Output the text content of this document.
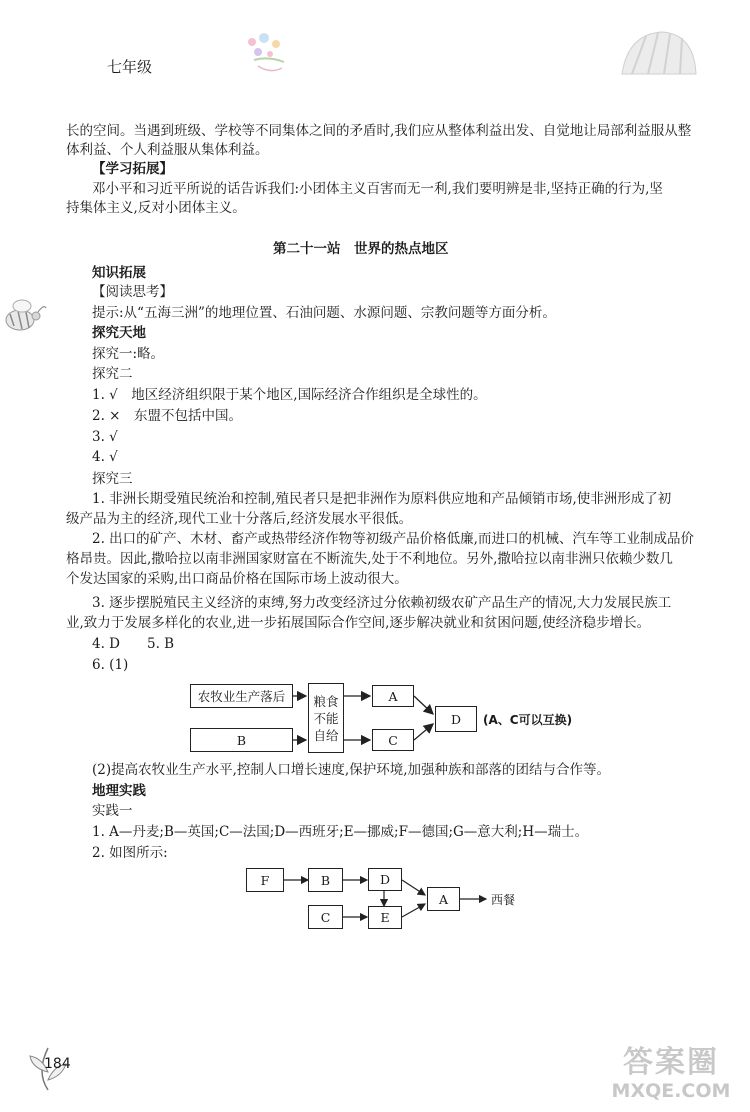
七年级
长的空间。当遇到班级、学校等不同集体之间的矛盾时,我们应从整体利益出发、自觉地让局部利益服从整
体利益、个人利益服从集体利益。
【学习拓展】
邓小平和习近平所说的话告诉我们:小团体主义百害而无一利,我们要明辨是非,坚持正确的行为,坚
持集体主义,反对小团体主义。
第二十一站　世界的热点地区
知识拓展
【阅读思考】
提示:从“五海三洲”的地理位置、石油问题、水源问题、宗教问题等方面分析。
探究天地
探究一:略。
探究二
1. √　地区经济组织限于某个地区,国际经济合作组织是全球性的。
2. ×　东盟不包括中国。
3. √
4. √
探究三
1. 非洲长期受殖民统治和控制,殖民者只是把非洲作为原料供应地和产品倾销市场,使非洲形成了初
级产品为主的经济,现代工业十分落后,经济发展水平很低。
2. 出口的矿产、木材、畜产或热带经济作物等初级产品价格低廉,而进口的机械、汽车等工业制成品价
格昂贵。因此,撒哈拉以南非洲国家财富在不断流失,处于不利地位。另外,撒哈拉以南非洲只依赖少数几
个发达国家的采购,出口商品价格在国际市场上波动很大。
3. 逐步摆脱殖民主义经济的束缚,努力改变经济过分依赖初级农矿产品生产的情况,大力发展民族工
业,致力于发展多样化的农业,进一步拓展国际合作空间,逐步解决就业和贫困问题,使经济稳步增长。
4. D　　5. B
6. (1)
农牧业生产落后
B
粮食
不能
自给
A
C
D	(A、C可以互换)
(2)提高农牧业生产水平,控制人口增长速度,保护环境,加强种族和部落的团结与合作等。
地理实践
实践一
1. A—丹麦;B—英国;C—法国;D—西班牙;E—挪威;F—德国;G—意大利;H—瑞士。
2. 如图所示:
F	B	D
C	E
A	西餐
184	答案圈
MXQE.COM
